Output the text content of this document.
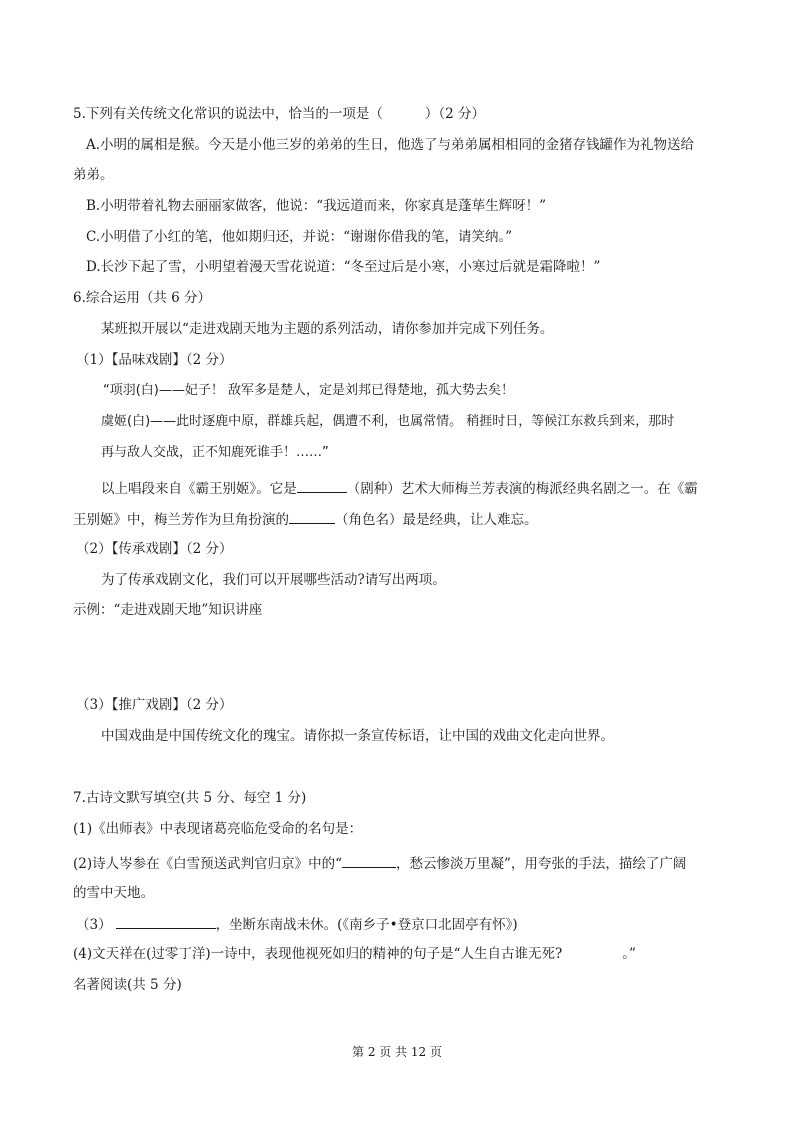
5.下列有关传统文化常识的说法中，恰当的一项是（	）（2 分）
A.小明的属相是猴。今天是小他三岁的弟弟的生日，他选了与弟弟属相相同的金猪存钱罐作为礼物送给
弟弟。
B.小明带着礼物去丽丽家做客，他说：“我远道而来，你家真是蓬荜生辉呀！”
C.小明借了小红的笔，他如期归还，并说：“谢谢你借我的笔，请笑纳。”
D.长沙下起了雪，小明望着漫天雪花说道：“冬至过后是小寒，小寒过后就是霜降啦！”
6.综合运用（共 6 分）
某班拟开展以“走进戏剧天地为主题的系列活动，请你参加并完成下列任务。
（1）【品味戏剧】（2 分）
“项羽(白)——妃子！ 敌军多是楚人，定是刘邦已得楚地，孤大势去矣！
虞姬(白)——此时逐鹿中原，群雄兵起，偶遭不利，也属常情。 稍捱时日，等候江东救兵到来，那时
再与敌人交战，正不知鹿死谁手！……”
以上唱段来自《霸王别姬》。它是	（剧种）艺术大师梅兰芳表演的梅派经典名剧之一。在《霸
王别姬》中，梅兰芳作为旦角扮演的	（角色名）最是经典，让人难忘。
（2）【传承戏剧】（2 分）
为了传承戏剧文化，我们可以开展哪些活动?请写出两项。
示例：“走进戏剧天地”知识讲座
（3）【推广戏剧】（2 分）
中国戏曲是中国传统文化的瑰宝。请你拟一条宣传标语，让中国的戏曲文化走向世界。
7.古诗文默写填空(共 5 分、每空 1 分)
(1)《出师表》中表现诸葛亮临危受命的名句是：
(2)诗人岑参在《白雪预送武判官归京》中的“	，愁云惨淡万里凝”，用夸张的手法，描绘了广阔
的雪中天地。
（3）	，坐断东南战未休。(《南乡子•登京口北固亭有怀》)
(4)文天祥在(过零丁洋)一诗中，表现他视死如归的精神的句子是“人生自古谁无死?	。”
名著阅读(共 5 分)
第 2 页 共 12 页
